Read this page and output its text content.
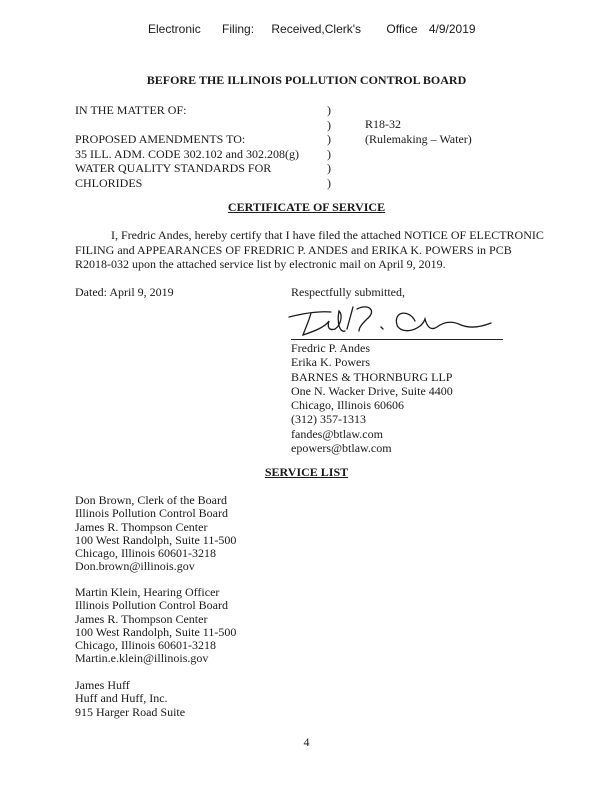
Electronic Filing: Received,Clerk's Office 4/9/2019
BEFORE THE ILLINOIS POLLUTION CONTROL BOARD
IN THE MATTER OF:

PROPOSED AMENDMENTS TO:
35 ILL. ADM. CODE 302.102 and 302.208(g)
WATER QUALITY STANDARDS FOR
CHLORIDES
)
)
)
)
)
)
R18-32
(Rulemaking – Water)
CERTIFICATE OF SERVICE
I, Fredric Andes, hereby certify that I have filed the attached NOTICE OF ELECTRONIC FILING and APPEARANCES OF FREDRIC P. ANDES and ERIKA K. POWERS in PCB R2018-032 upon the attached service list by electronic mail on April 9, 2019.
Dated: April 9, 2019	Respectfully submitted,

Fredric P. Andes

Erika K. Powers

BARNES & THORNBURG LLP

One N. Wacker Drive, Suite 4400

Chicago, Illinois 60606

(312) 357-1313

fandes@btlaw.com

epowers@btlaw.com

SERVICE LIST

Don Brown, Clerk of the Board

Illinois Pollution Control Board

James R. Thompson Center

100 West Randolph, Suite 11-500

Chicago, Illinois 60601-3218

Don.brown@illinois.gov

Martin Klein, Hearing Officer

Illinois Pollution Control Board

James R. Thompson Center

100 West Randolph, Suite 11-500

Chicago, Illinois 60601-3218

Martin.e.klein@illinois.gov

James Huff

Huff and Huff, Inc.

915 Harger Road Suite

4
